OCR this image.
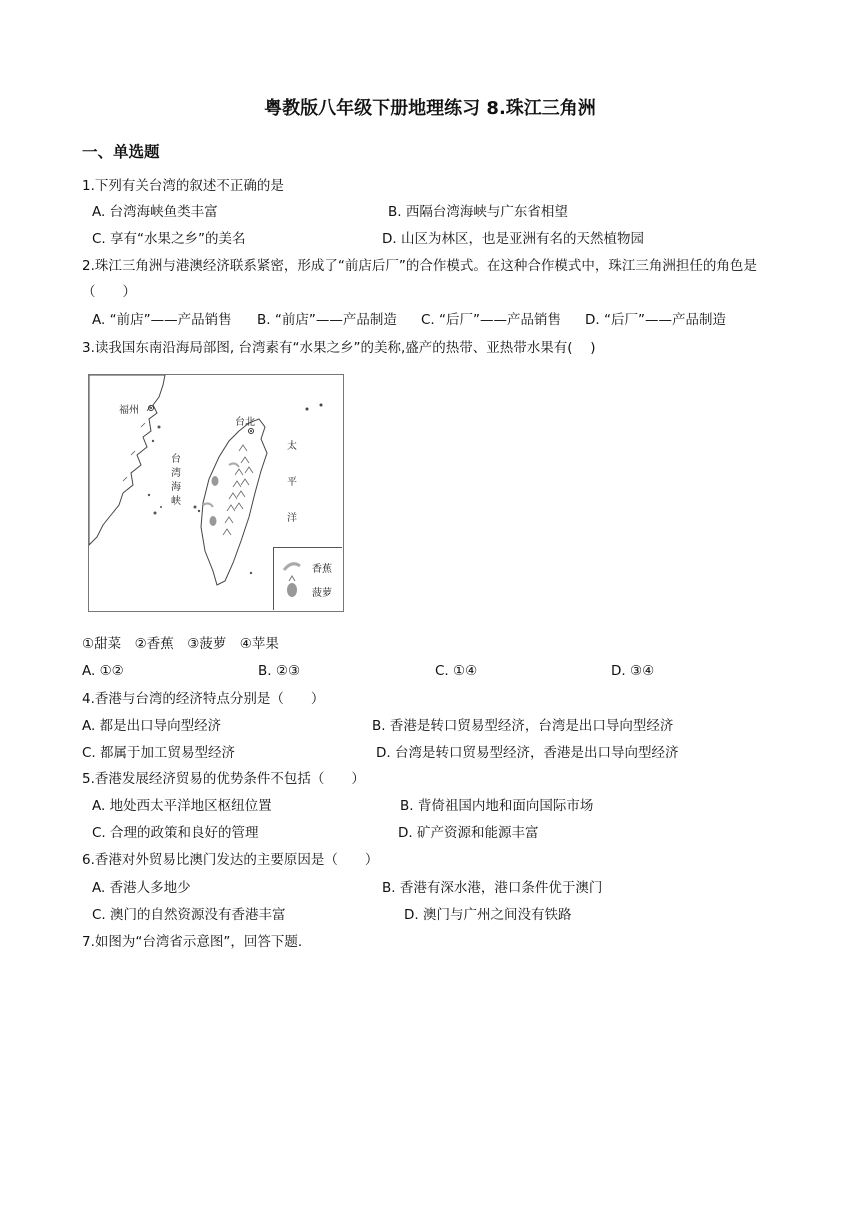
粤教版八年级下册地理练习 8.珠江三角洲
一、单选题
1.下列有关台湾的叙述不正确的是
A. 台湾海峡鱼类丰富	B. 西隔台湾海峡与广东省相望
C. 享有“水果之乡”的美名	D. 山区为林区，也是亚洲有名的天然植物园
2.珠江三角洲与港澳经济联系紧密，形成了“前店后厂”的合作模式。在这种合作模式中，珠江三角洲担任的角色是（　　）
A. “前店”——产品销售 B. “前店”——产品制造 C. “后厂”——产品销售 D. “后厂”——产品制造
3.读我国东南沿海局部图, 台湾素有“水果之乡”的美称,盛产的热带、亚热带水果有(　 )
福州
台北
台湾海峡
太平洋
香蕉
菠萝
①甜菜　②香蕉　③菠萝　④苹果
A. ①②	B. ②③	C. ①④	D. ③④
4.香港与台湾的经济特点分别是（　　）
A. 都是出口导向型经济	B. 香港是转口贸易型经济，台湾是出口导向型经济
C. 都属于加工贸易型经济	D. 台湾是转口贸易型经济，香港是出口导向型经济
5.香港发展经济贸易的优势条件不包括（　　）
A. 地处西太平洋地区枢纽位置	B. 背倚祖国内地和面向国际市场
C. 合理的政策和良好的管理	D. 矿产资源和能源丰富
6.香港对外贸易比澳门发达的主要原因是（　　）
A. 香港人多地少	B. 香港有深水港，港口条件优于澳门
C. 澳门的自然资源没有香港丰富	D. 澳门与广州之间没有铁路
7.如图为“台湾省示意图”，回答下题.
